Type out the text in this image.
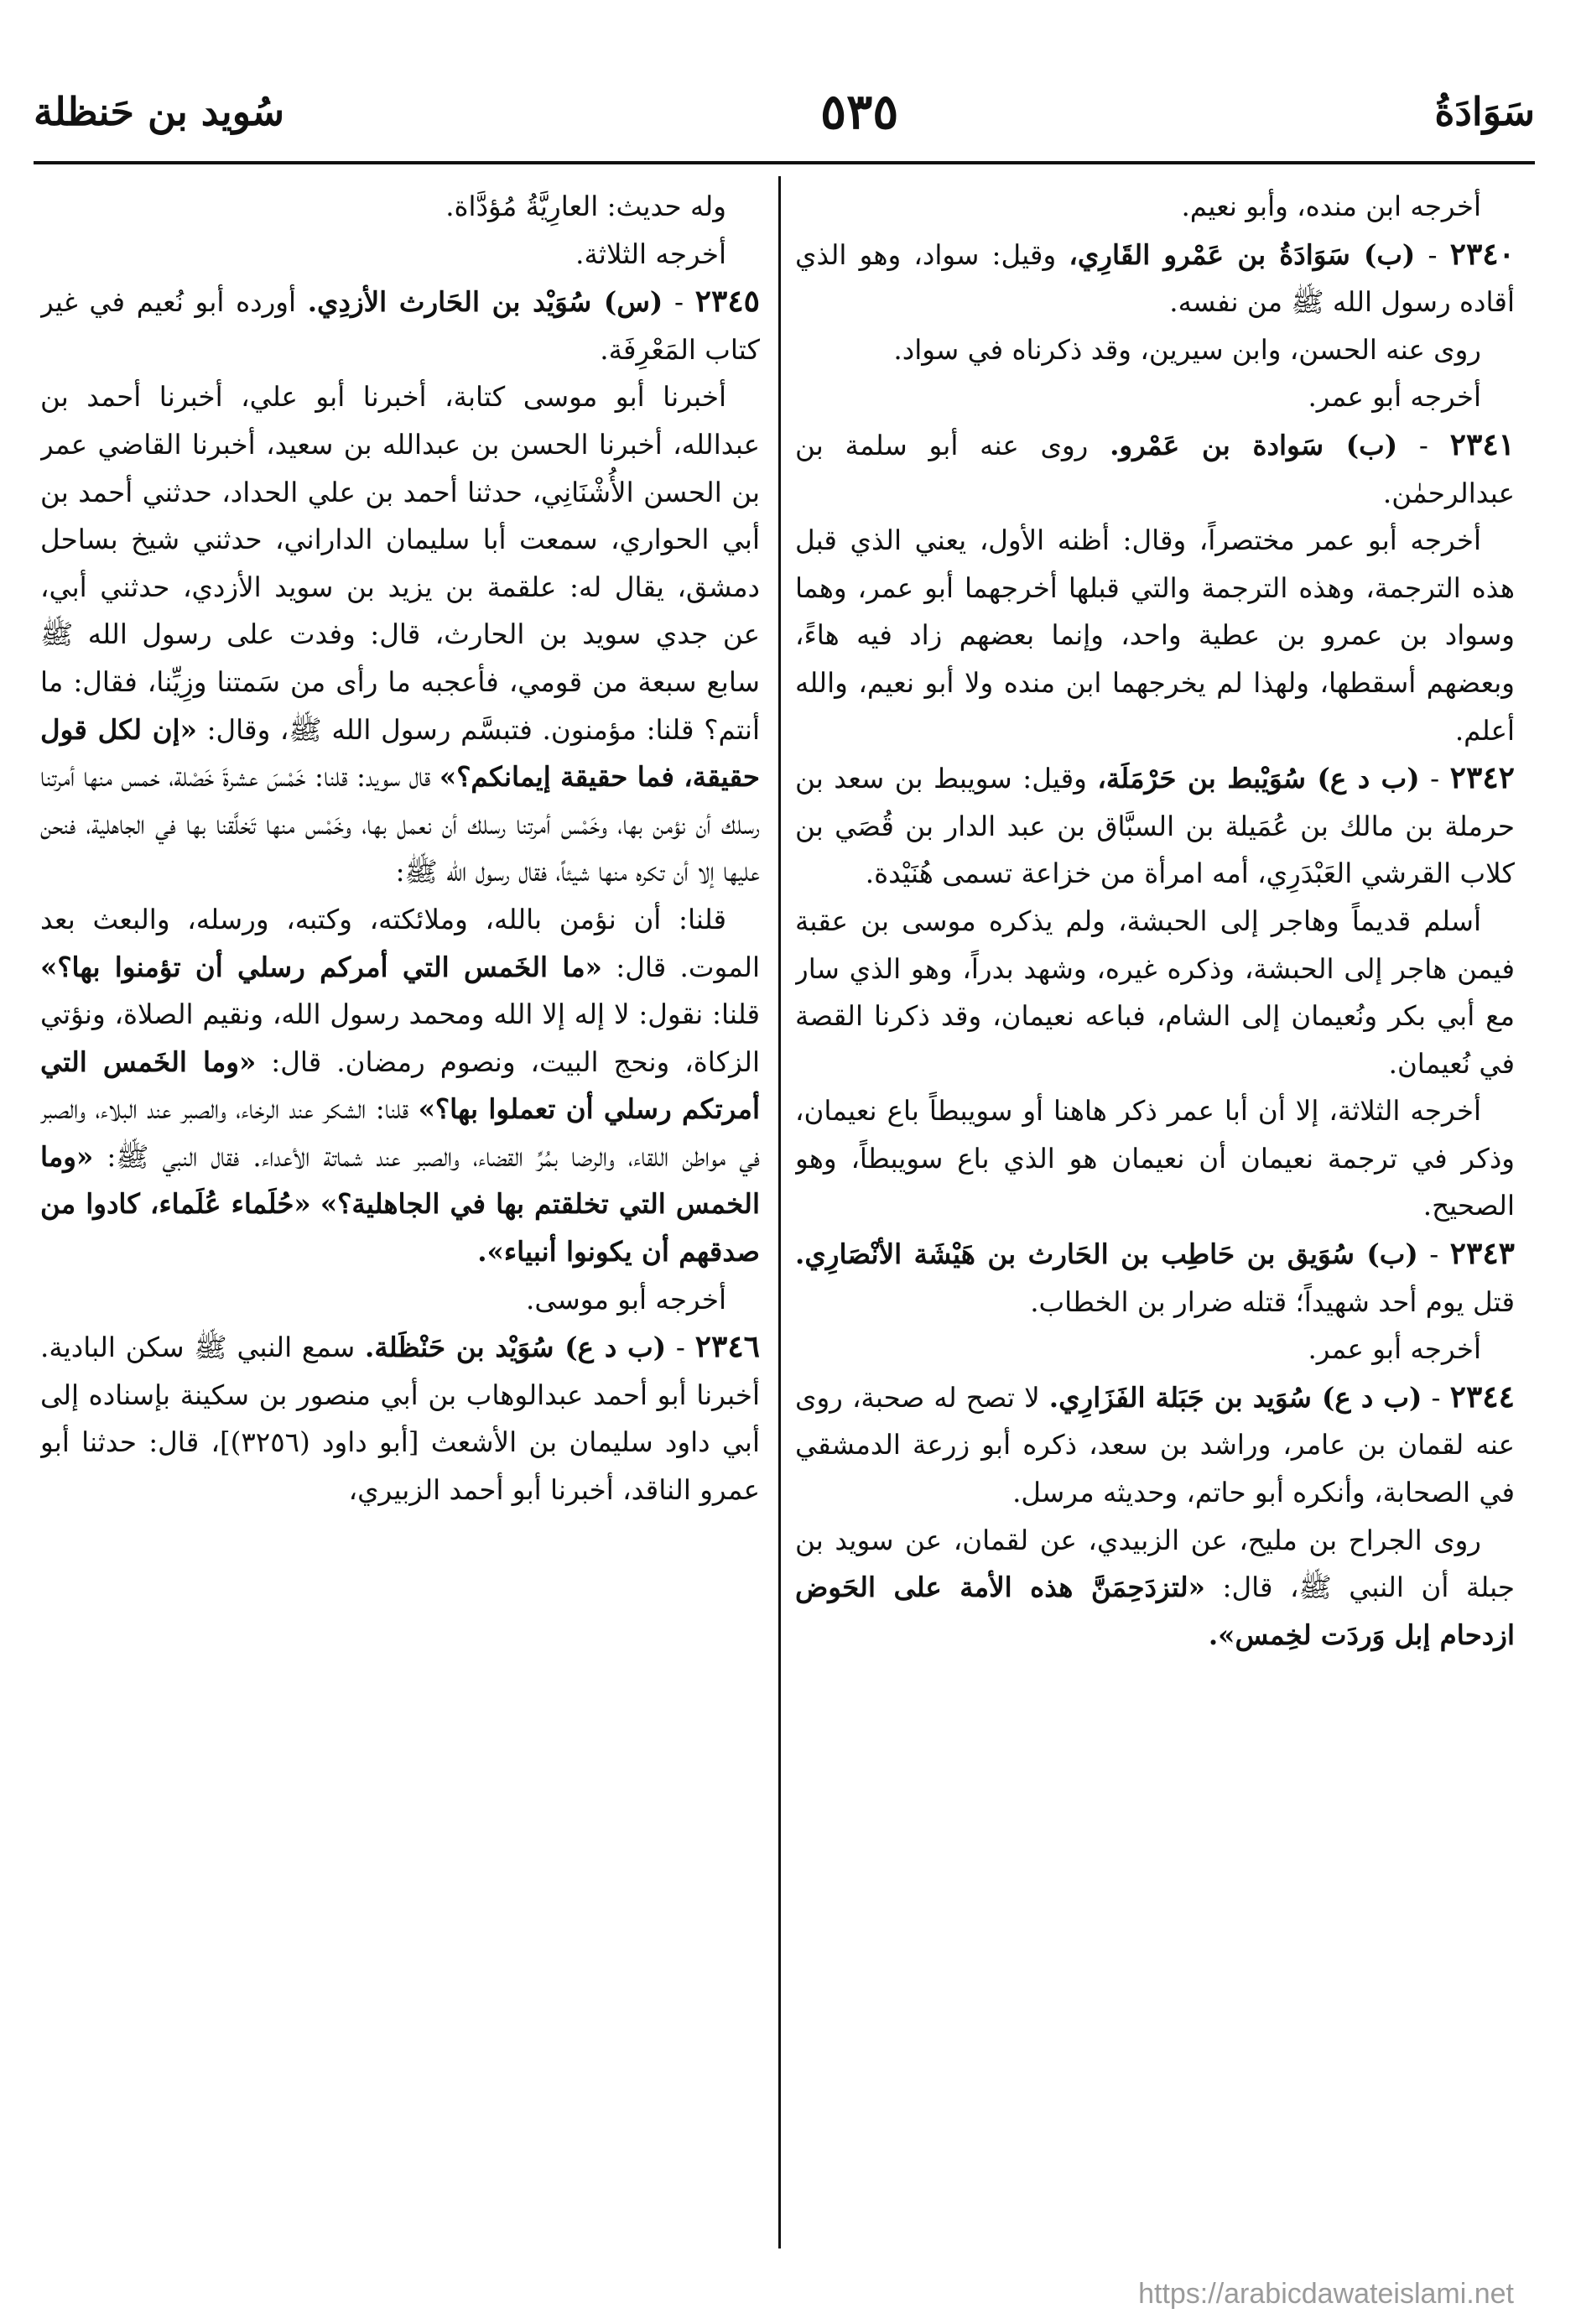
سَوَادَةُ
٥٣٥
سُويد بن حَنظلة

أخرجه ابن منده، وأبو نعيم.

٢٣٤٠ - (ب) سَوَادَةُ بن عَمْرو القَارِي، وقيل: سواد، وهو الذي أقاده رسول الله ﷺ من نفسه.

روى عنه الحسن، وابن سيرين، وقد ذكرناه في سواد.

أخرجه أبو عمر.

٢٣٤١ - (ب) سَوادة بن عَمْرو. روى عنه أبو سلمة بن عبدالرحمٰن.

أخرجه أبو عمر مختصراً، وقال: أظنه الأول، يعني الذي قبل هذه الترجمة، وهذه الترجمة والتي قبلها أخرجهما أبو عمر، وهما وسواد بن عمرو بن عطية واحد، وإنما بعضهم زاد فيه هاءً، وبعضهم أسقطها، ولهذا لم يخرجهما ابن منده ولا أبو نعيم، والله أعلم.

٢٣٤٢ - (ب د ع) سُوَيْبط بن حَرْمَلَة، وقيل: سويبط بن سعد بن حرملة بن مالك بن عُمَيلة بن السبَّاق بن عبد الدار بن قُصَي بن كلاب القرشي العَبْدَرِي، أمه امرأة من خزاعة تسمى هُنَيْدة.

أسلم قديماً وهاجر إلى الحبشة، ولم يذكره موسى بن عقبة فيمن هاجر إلى الحبشة، وذكره غيره، وشهد بدراً، وهو الذي سار مع أبي بكر ونُعيمان إلى الشام، فباعه نعيمان، وقد ذكرنا القصة في نُعيمان.

أخرجه الثلاثة، إلا أن أبا عمر ذكر هاهنا أو سويبطاً باع نعيمان، وذكر في ترجمة نعيمان أن نعيمان هو الذي باع سويبطاً، وهو الصحيح.

٢٣٤٣ - (ب) سُوَيق بن حَاطِب بن الحَارث بن هَيْشَة الأنْصَارِي. قتل يوم أحد شهيداً؛ قتله ضرار بن الخطاب.

أخرجه أبو عمر.

٢٣٤٤ - (ب د ع) سُوَيد بن جَبَلة الفَزَارِي. لا تصح له صحبة، روى عنه لقمان بن عامر، وراشد بن سعد، ذكره أبو زرعة الدمشقي في الصحابة، وأنكره أبو حاتم، وحديثه مرسل.

روى الجراح بن مليح، عن الزبيدي، عن لقمان، عن سويد بن جبلة أن النبي ﷺ، قال: «لتزدَحِمَنَّ هذه الأمة على الحَوض ازدحام إبل وَردَت لخِمس».

وله حديث: العارِيَّةُ مُؤدَّاة.

أخرجه الثلاثة.

٢٣٤٥ - (س) سُوَيْد بن الحَارث الأزدِي. أورده أبو نُعيم في غير كتاب المَعْرِفَة.

أخبرنا أبو موسى كتابة، أخبرنا أبو علي، أخبرنا أحمد بن عبدالله، أخبرنا الحسن بن عبدالله بن سعيد، أخبرنا القاضي عمر بن الحسن الأُشْنَانِي، حدثنا أحمد بن علي الحداد، حدثني أحمد بن أبي الحواري، سمعت أبا سليمان الداراني، حدثني شيخ بساحل دمشق، يقال له: علقمة بن يزيد بن سويد الأزدي، حدثني أبي، عن جدي سويد بن الحارث، قال: وفدت على رسول الله ﷺ سابع سبعة من قومي، فأعجبه ما رأى من سَمتنا وزِيِّنا، فقال: ما أنتم؟ قلنا: مؤمنون. فتبسَّم رسول الله ﷺ، وقال: «إن لكل قول حقيقة، فما حقيقة إيمانكم؟» قال سويد: قلنا: خَمْسَ عشرةَ خَصْلة، خمس منها أمرتنا رسلك أن نؤمن بها، وخَمْس أمرتنا رسلك أن نعمل بها، وخَمْس منها تَخلَّقنا بها في الجاهلية، فنحن عليها إلا أن تكره منها شيئاً، فقال رسول الله ﷺ:

قلنا: أن نؤمن بالله، وملائكته، وكتبه، ورسله، والبعث بعد الموت. قال: «ما الخَمس التي أمركم رسلي أن تؤمنوا بها؟» قلنا: نقول: لا إله إلا الله ومحمد رسول الله، ونقيم الصلاة، ونؤتي الزكاة، ونحج البيت، ونصوم رمضان. قال: «وما الخَمس التي أمرتكم رسلي أن تعملوا بها؟» قلنا: الشكر عند الرخاء، والصبر عند البلاء، والصبر في مواطن اللقاء، والرضا بمُرِّ القضاء، والصبر عند شماتة الأعداء. فقال النبي ﷺ: «وما الخمس التي تخلقتم بها في الجاهلية؟» «حُلَماء عُلَماء، كادوا من صدقهم أن يكونوا أنبياء».

أخرجه أبو موسى.

٢٣٤٦ - (ب د ع) سُوَيْد بن حَنْظَلة. سمع النبي ﷺ سكن البادية. أخبرنا أبو أحمد عبدالوهاب بن أبي منصور بن سكينة بإسناده إلى أبي داود سليمان بن الأشعث [أبو داود (٣٢٥٦)]، قال: حدثنا أبو عمرو الناقد، أخبرنا أبو أحمد الزبيري،

https://arabicdawateislami.net
